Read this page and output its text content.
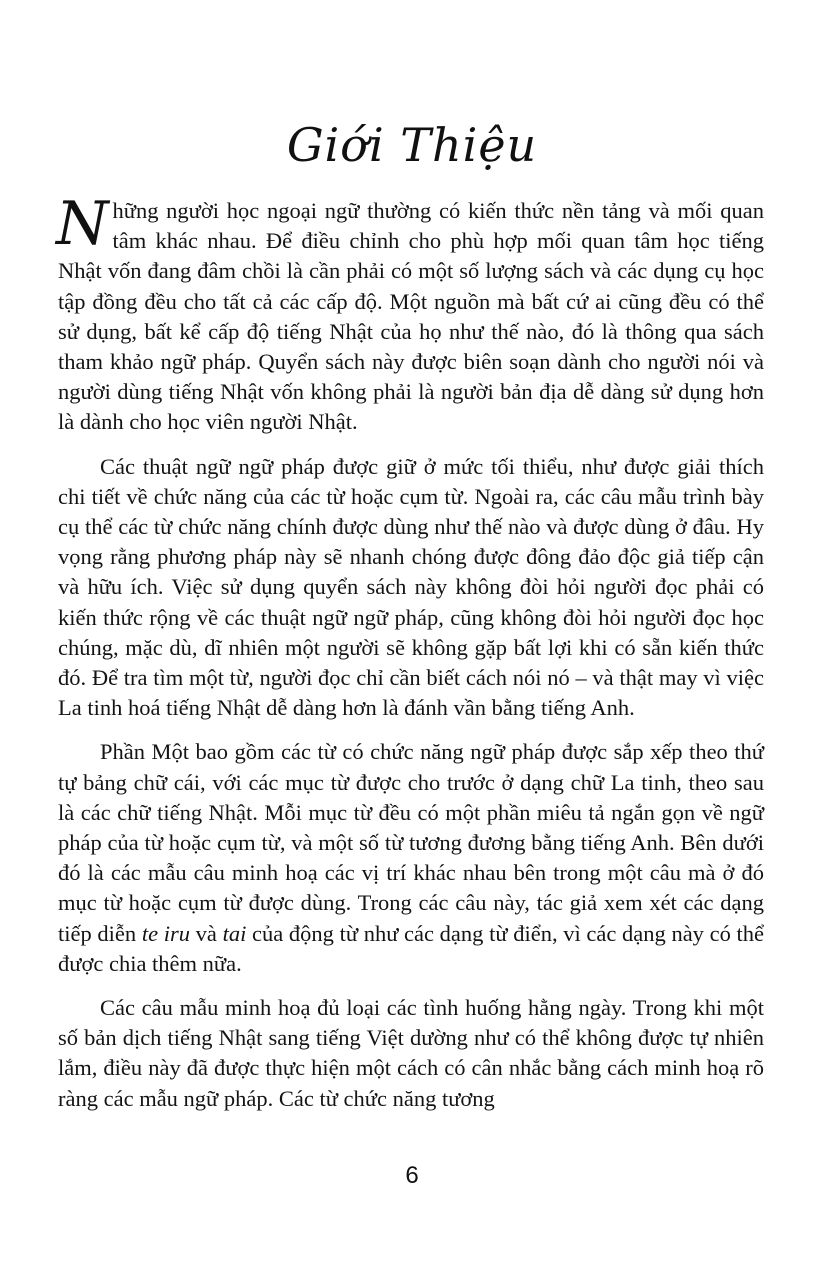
Giới Thiệu

Những người học ngoại ngữ thường có kiến thức nền tảng và mối quan tâm khác nhau. Để điều chỉnh cho phù hợp mối quan tâm học tiếng Nhật vốn đang đâm chồi là cần phải có một số lượng sách và các dụng cụ học tập đồng đều cho tất cả các cấp độ. Một nguồn mà bất cứ ai cũng đều có thể sử dụng, bất kể cấp độ tiếng Nhật của họ như thế nào, đó là thông qua sách tham khảo ngữ pháp. Quyển sách này được biên soạn dành cho người nói và người dùng tiếng Nhật vốn không phải là người bản địa dễ dàng sử dụng hơn là dành cho học viên người Nhật.

Các thuật ngữ ngữ pháp được giữ ở mức tối thiểu, như được giải thích chi tiết về chức năng của các từ hoặc cụm từ. Ngoài ra, các câu mẫu trình bày cụ thể các từ chức năng chính được dùng như thế nào và được dùng ở đâu. Hy vọng rằng phương pháp này sẽ nhanh chóng được đông đảo độc giả tiếp cận và hữu ích. Việc sử dụng quyển sách này không đòi hỏi người đọc phải có kiến thức rộng về các thuật ngữ ngữ pháp, cũng không đòi hỏi người đọc học chúng, mặc dù, dĩ nhiên một người sẽ không gặp bất lợi khi có sẵn kiến thức đó. Để tra tìm một từ, người đọc chỉ cần biết cách nói nó – và thật may vì việc La tinh hoá tiếng Nhật dễ dàng hơn là đánh vần bằng tiếng Anh.

Phần Một bao gồm các từ có chức năng ngữ pháp được sắp xếp theo thứ tự bảng chữ cái, với các mục từ được cho trước ở dạng chữ La tinh, theo sau là các chữ tiếng Nhật. Mỗi mục từ đều có một phần miêu tả ngắn gọn về ngữ pháp của từ hoặc cụm từ, và một số từ tương đương bằng tiếng Anh. Bên dưới đó là các mẫu câu minh hoạ các vị trí khác nhau bên trong một câu mà ở đó mục từ hoặc cụm từ được dùng. Trong các câu này, tác giả xem xét các dạng tiếp diễn te iru và tai của động từ như các dạng từ điển, vì các dạng này có thể được chia thêm nữa.

Các câu mẫu minh hoạ đủ loại các tình huống hằng ngày. Trong khi một số bản dịch tiếng Nhật sang tiếng Việt dường như có thể không được tự nhiên lắm, điều này đã được thực hiện một cách có cân nhắc bằng cách minh hoạ rõ ràng các mẫu ngữ pháp. Các từ chức năng tương

6
